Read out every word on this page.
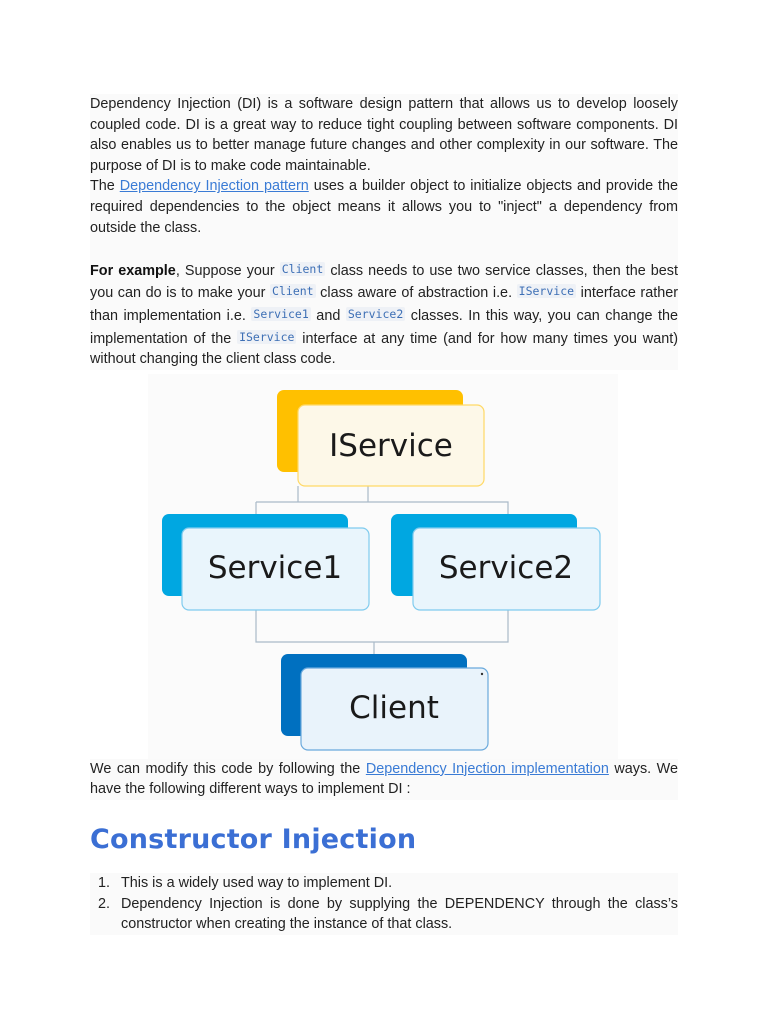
Dependency Injection (DI) is a software design pattern that allows us to develop loosely coupled code. DI is a great way to reduce tight coupling between software components. DI also enables us to better manage future changes and other complexity in our software. The purpose of DI is to make code maintainable.

The Dependency Injection pattern uses a builder object to initialize objects and provide the required dependencies to the object means it allows you to "inject" a dependency from outside the class.

For example, Suppose your Client class needs to use two service classes, then the best you can do is to make your Client class aware of abstraction i.e. IService interface rather than implementation i.e. Service1 and Service2 classes. In this way, you can change the implementation of the IService interface at any time (and for how many times you want) without changing the client class code.

IService
Service1	Service2
Client

We can modify this code by following the Dependency Injection implementation ways. We have the following different ways to implement DI :

Constructor Injection
1. This is a widely used way to implement DI.
2. Dependency Injection is done by supplying the DEPENDENCY through the class’s constructor when creating the instance of that class.
